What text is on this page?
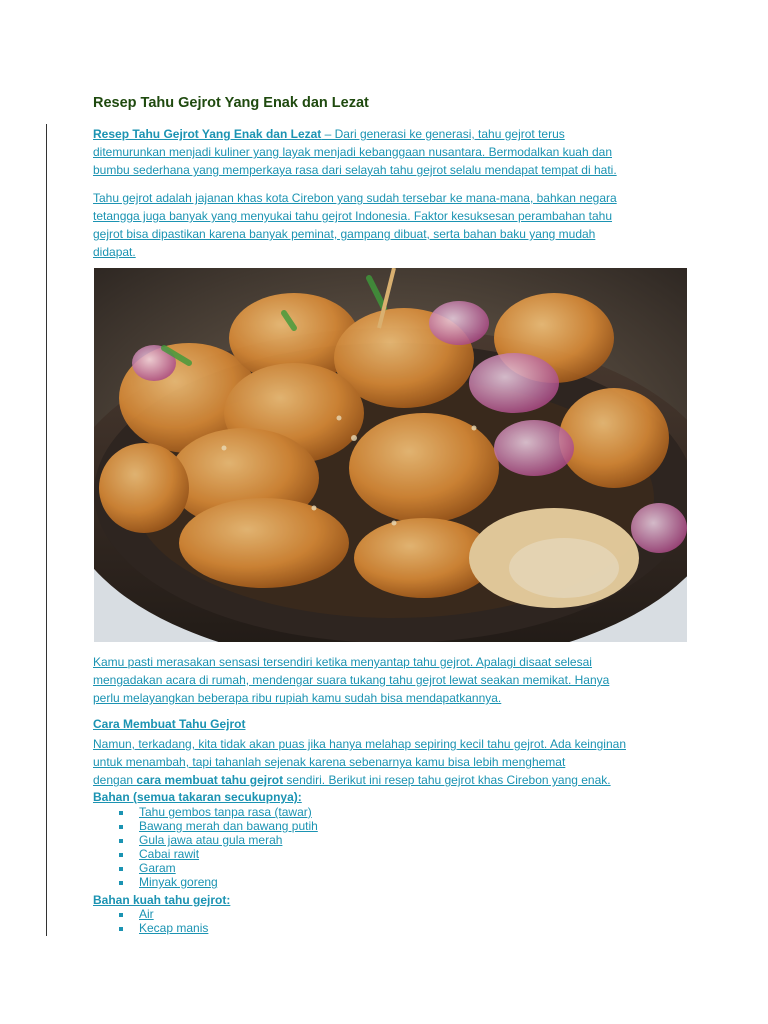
Resep Tahu Gejrot Yang Enak dan Lezat

Resep Tahu Gejrot Yang Enak dan Lezat – Dari generasi ke generasi, tahu gejrot terus
ditemurunkan menjadi kuliner yang layak menjadi kebanggaan nusantara. Bermodalkan kuah dan
bumbu sederhana yang memperkaya rasa dari selayah tahu gejrot selalu mendapat tempat di hati.

Tahu gejrot adalah jajanan khas kota Cirebon yang sudah tersebar ke mana-mana, bahkan negara
tetangga juga banyak yang menyukai tahu gejrot Indonesia. Faktor kesuksesan perambahan tahu
gejrot bisa dipastikan karena banyak peminat, gampang dibuat, serta bahan baku yang mudah
didapat.

Kamu pasti merasakan sensasi tersendiri ketika menyantap tahu gejrot. Apalagi disaat selesai
mengadakan acara di rumah, mendengar suara tukang tahu gejrot lewat seakan memikat. Hanya
perlu melayangkan beberapa ribu rupiah kamu sudah bisa mendapatkannya.

Cara Membuat Tahu Gejrot

Namun, terkadang, kita tidak akan puas jika hanya melahap sepiring kecil tahu gejrot. Ada keinginan
untuk menambah, tapi tahanlah sejenak karena sebenarnya kamu bisa lebih menghemat
dengan cara membuat tahu gejrot sendiri. Berikut ini resep tahu gejrot khas Cirebon yang enak.

Bahan (semua takaran secukupnya):
Tahu gembos tanpa rasa (tawar)
Bawang merah dan bawang putih
Gula jawa atau gula merah
Cabai rawit
Garam
Minyak goreng
Bahan kuah tahu gejrot:
Air
Kecap manis
